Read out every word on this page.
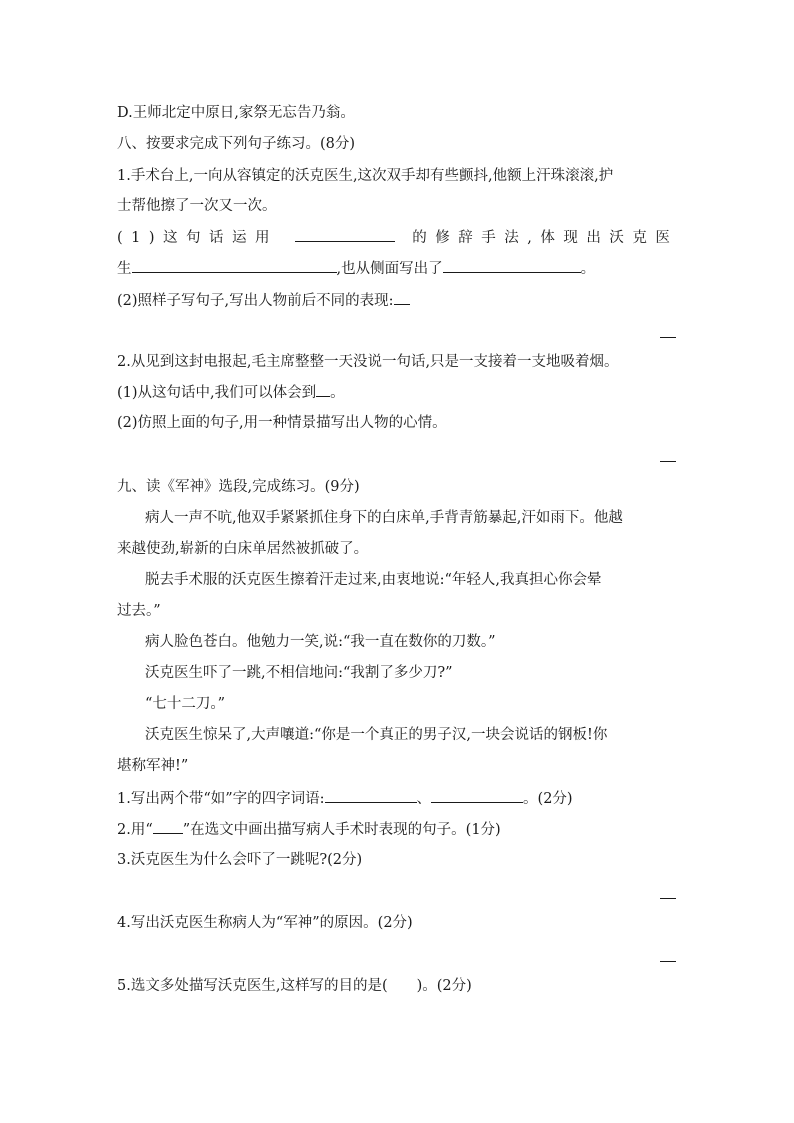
D.王师北定中原日,家祭无忘告乃翁。
八、按要求完成下列句子练习。(8分)
1.手术台上,一向从容镇定的沃克医生,这次双手却有些颤抖,他额上汗珠滚滚,护
士帮他擦了一次又一次。
(1)这句话运用	的修辞手法,体现出沃克医
生	,也从侧面写出了	。
(2)照样子写句子,写出人物前后不同的表现:
2.从见到这封电报起,毛主席整整一天没说一句话,只是一支接着一支地吸着烟。
(1)从这句话中,我们可以体会到 。
(2)仿照上面的句子,用一种情景描写出人物的心情。
九、读《军神》选段,完成练习。(9分)
病人一声不吭,他双手紧紧抓住身下的白床单,手背青筋暴起,汗如雨下。他越
来越使劲,崭新的白床单居然被抓破了。
脱去手术服的沃克医生擦着汗走过来,由衷地说:“年轻人,我真担心你会晕
过去。”
病人脸色苍白。他勉力一笑,说:“我一直在数你的刀数。”
沃克医生吓了一跳,不相信地问:“我割了多少刀?”
“七十二刀。”
沃克医生惊呆了,大声嚷道:“你是一个真正的男子汉,一块会说话的钢板!你
堪称军神!”
1.写出两个带“如”字的四字词语:	、	。(2分)
2.用“ ”在选文中画出描写病人手术时表现的句子。(1分)
3.沃克医生为什么会吓了一跳呢?(2分)
4.写出沃克医生称病人为“军神”的原因。(2分)
5.选文多处描写沃克医生,这样写的目的是(　　)。(2分)
